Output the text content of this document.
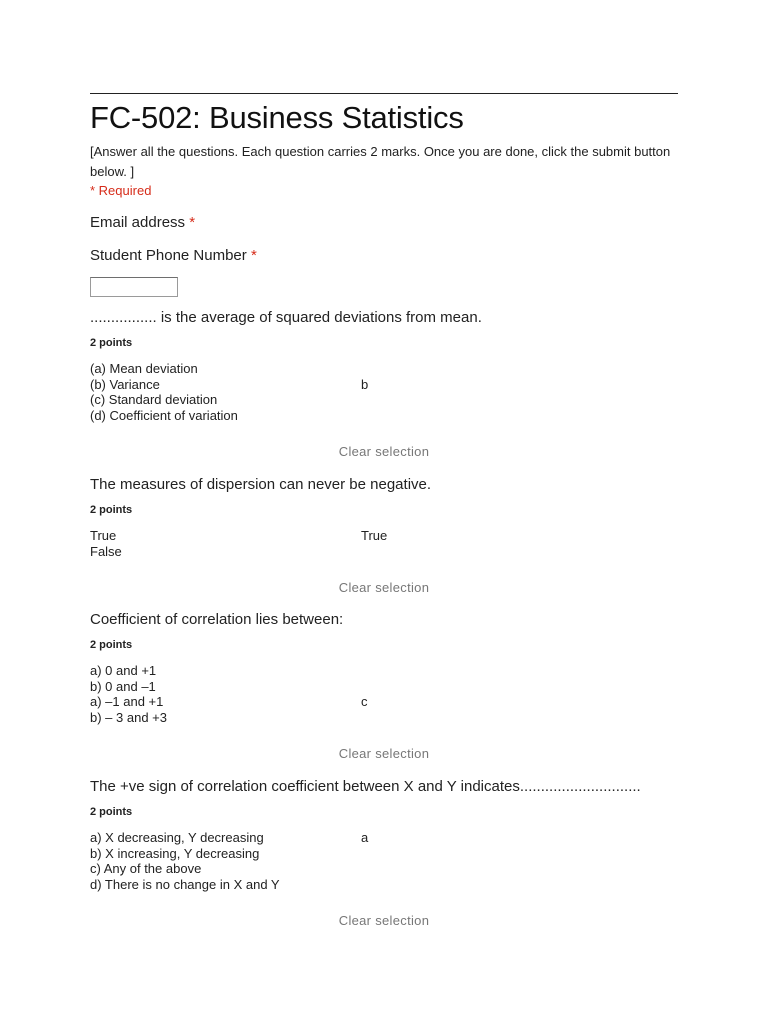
FC-502: Business Statistics
[Answer all the questions. Each question carries 2 marks. Once you are done, click the submit button below. ]
* Required
Email address *
Student Phone Number *
................ is the average of squared deviations from mean.
2 points
(a) Mean deviation
(b) Variance
(c) Standard deviation
(d) Coefficient of variation
b
Clear selection
The measures of dispersion can never be negative.
2 points
True
False
True
Clear selection
Coefficient of correlation lies between:
2 points
a) 0 and +1
b) 0 and –1
a) –1 and +1
b) – 3 and +3
c
Clear selection
The +ve sign of correlation coefficient between X and Y indicates.............................
2 points
a) X decreasing, Y decreasing
b) X increasing, Y decreasing
c) Any of the above
d) There is no change in X and Y
a
Clear selection
